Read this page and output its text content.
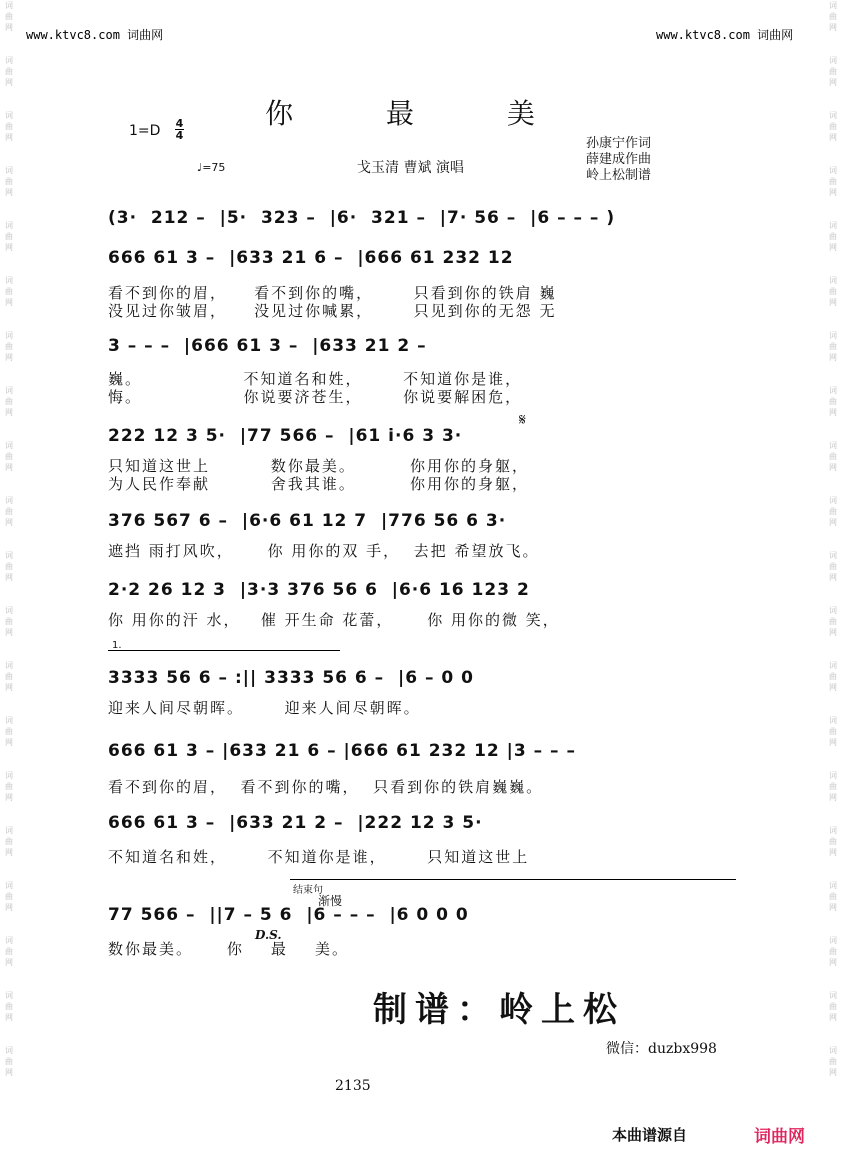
词曲网
词曲网
词曲网
词曲网
词曲网
词曲网
词曲网
词曲网
词曲网
词曲网
词曲网
词曲网
词曲网
词曲网
词曲网
词曲网
词曲网
词曲网
词曲网
词曲网
词曲网
词曲网
词曲网
词曲网
词曲网
词曲网
词曲网
词曲网
词曲网
词曲网
词曲网
词曲网
词曲网
词曲网
词曲网
词曲网
词曲网
词曲网
词曲网
词曲网
www.ktvc8.com 词曲网	www.ktvc8.com 词曲网
你 最 美
1=D 4
4
♩=75	戈玉清 曹斌 演唱
孙康宁作词
薛建成作曲
岭上松制谱
(3·  212 –  |5·  323 –  |6·  321 –  |7· 56 –  |6 – – – )
666 61 3 –  |633 21 6 –  |666 61 232 12
看不到你的眉，    看不到你的嘴，      只看到你的铁肩 巍
没见过你皱眉，    没见过你喊累，      只见到你的无怨 无
3 – – –  |666 61 3 –  |633 21 2 –
巍。               不知道名和姓，      不知道你是谁，
悔。               你说要济苍生，      你说要解困危，
222 12 3 5·  |77 566 –  |61 i·6 3 3·
只知道这世上         数你最美。        你用你的身躯，
为人民作奉献         舍我其谁。        你用你的身躯，
376 567 6 –  |6·6 61 12 7  |776 56 6 3·
遮挡 雨打风吹，     你 用你的双 手，  去把 希望放飞。
2·2 26 12 3  |3·3 376 56 6  |6·6 16 123 2
你 用你的汗 水，   催 开生命 花蕾，     你 用你的微 笑，
3333 56 6 – :|| 3333 56 6 –  |6 – 0 0
迎来人间尽朝晖。      迎来人间尽朝晖。
666 61 3 – |633 21 6 – |666 61 232 12 |3 – – –
看不到你的眉，  看不到你的嘴，  只看到你的铁肩巍巍。
666 61 3 –  |633 21 2 –  |222 12 3 5·
不知道名和姓，      不知道你是谁，      只知道这世上
77 566 –  ||7 – 5 6  |6 – – –  |6 0 0 0
数你最美。     你    最    美。
1.
结束句
渐慢
𝄋
D.S.
制谱：岭上松
微信：duzbx998
2135
本曲谱源自	词曲网
